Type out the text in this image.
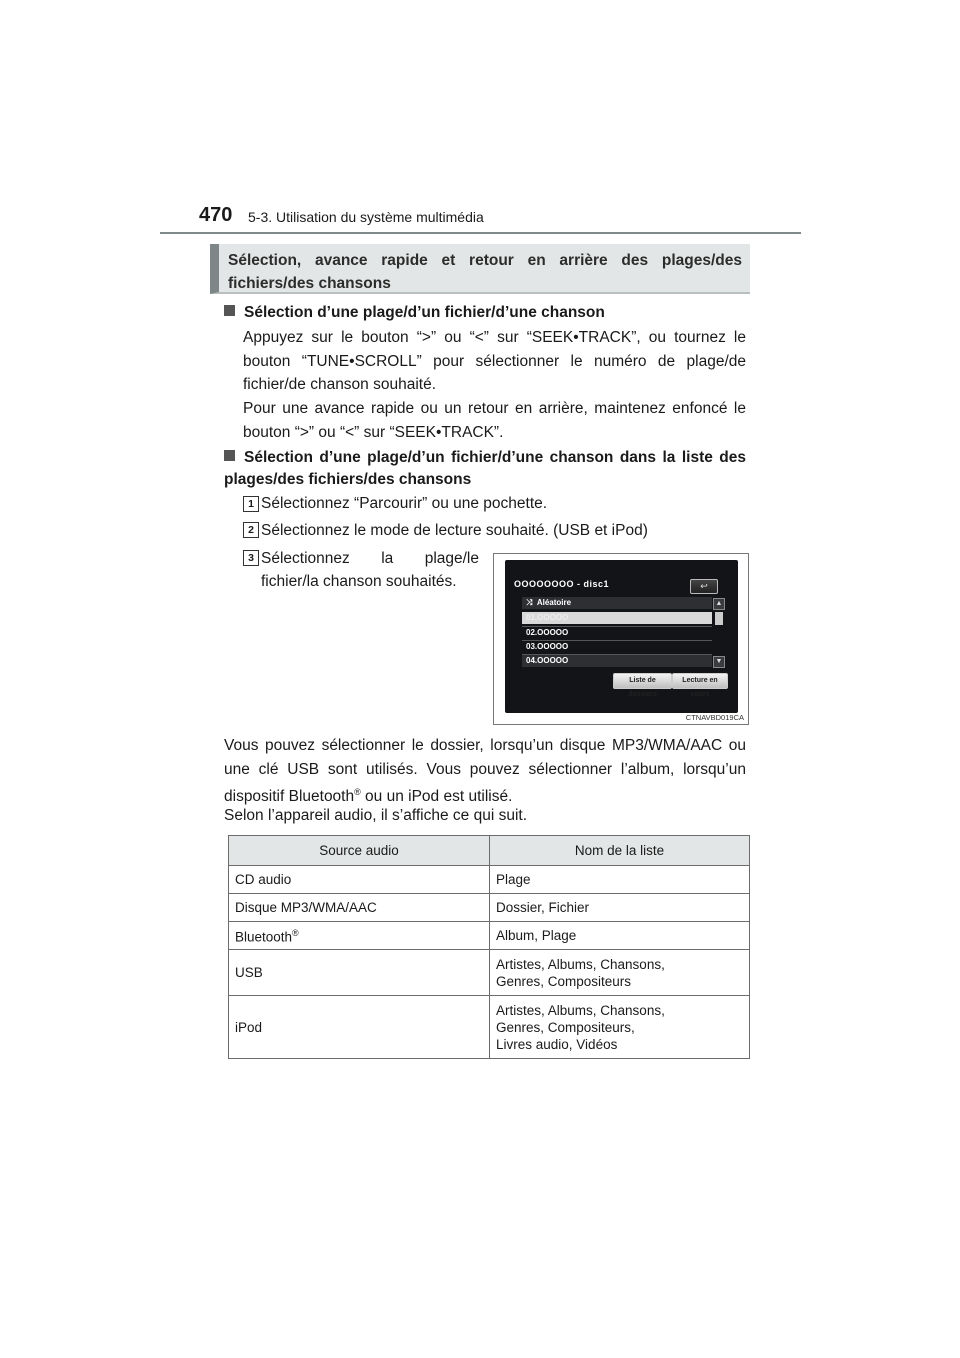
470 5-3. Utilisation du système multimédia
Sélection, avance rapide et retour en arrière des plages/des fichiers/des chansons
Sélection d’une plage/d’un fichier/d’une chanson
Appuyez sur le bouton “>” ou “<” sur “SEEK•TRACK”, ou tournez le bouton “TUNE•SCROLL” pour sélectionner le numéro de plage/de fichier/de chanson souhaité.
Pour une avance rapide ou un retour en arrière, maintenez enfoncé le bouton “>” ou “<” sur “SEEK•TRACK”.
Sélection d’une plage/d’un fichier/d’une chanson dans la liste des plages/des fichiers/des chansons
1 Sélectionnez “Parcourir” ou une pochette.
2 Sélectionnez le mode de lecture souhaité. (USB et iPod)
3 Sélectionnez la plage/le
fichier/la chanson souhaités.	OOOOOOOO - disc1	↩
⤨ Aléatoire
01.OOOOO
02.OOOOO
03.OOOOO
04.OOOOO
▲
▼
Liste de dossiers
Lecture en cours
CTNAVBD019CA
Vous pouvez sélectionner le dossier, lorsqu’un disque MP3/WMA/AAC ou une clé USB sont utilisés. Vous pouvez sélectionner l’album, lorsqu’un dispositif Bluetooth® ou un iPod est utilisé.
Selon l’appareil audio, il s’affiche ce qui suit.
Source audio	Nom de la liste
CD audio	Plage
Disque MP3/WMA/AAC	Dossier, Fichier
Bluetooth®	Album, Plage
USB	Artistes, Albums, Chansons,
Genres, Compositeurs
iPod	Artistes, Albums, Chansons,
Genres, Compositeurs,
Livres audio, Vidéos
